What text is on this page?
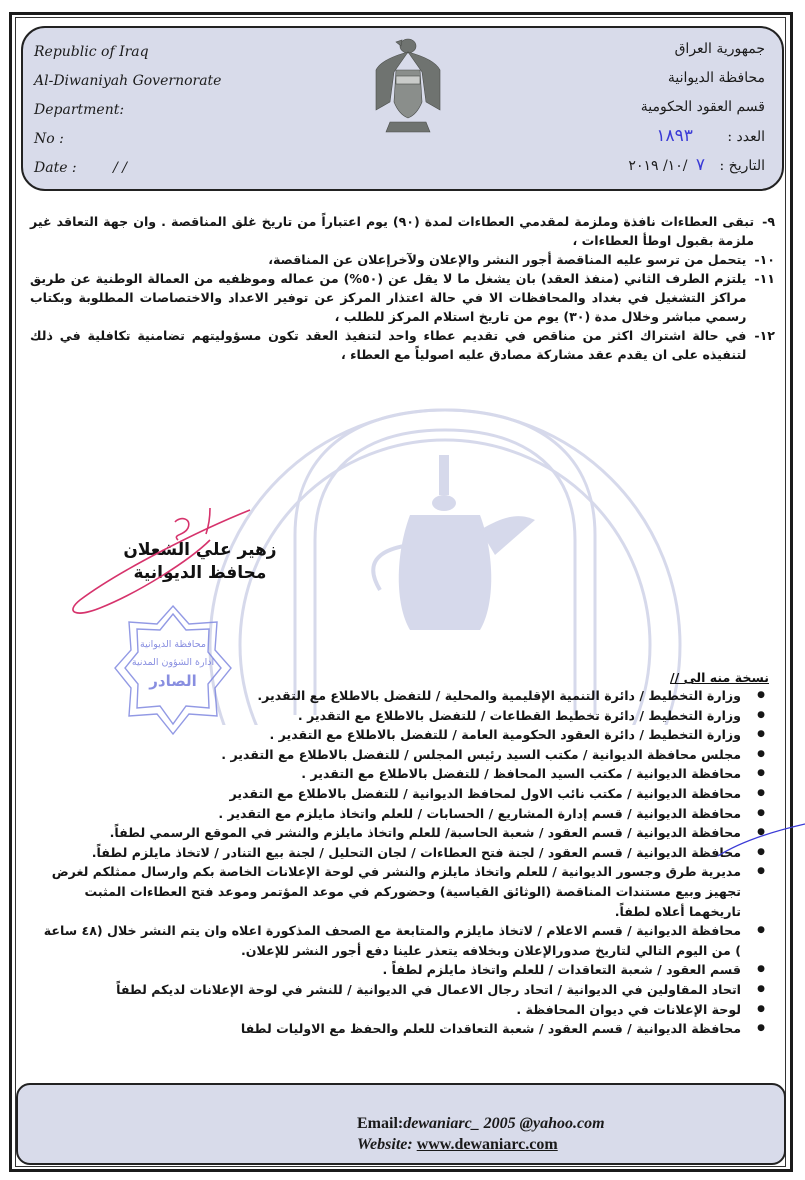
Republic of Iraq
Al-Diwaniyah Governorate
Department:
No :
Date :	/ /
جمهورية العراق
محافظة الديوانية
قسم العقود الحكومية
العدد : ١٨٩٣
التاريخ : ٧ /١٠/ ٢٠١٩
٩-
تبقى العطاءات نافذة وملزمة لمقدمي العطاءات لمدة (٩٠) يوم اعتباراً من تاريخ غلق المناقصة . وان جهة التعاقد غير ملزمة بقبول اوطأ العطاءات ،
١٠-
يتحمل من ترسو عليه المناقصة أجور النشر والإعلان ولآخرإعلان عن المناقصة،
١١-
يلتزم الطرف الثاني (منفذ العقد) بان يشغل ما لا يقل عن (٥٠%) من عماله وموظفيه من العمالة الوطنية عن طريق مراكز التشغيل في بغداد والمحافظات الا في حالة اعتذار المركز عن توفير الاعداد والاختصاصات المطلوبة وبكتاب رسمي مباشر وخلال مدة (٣٠) يوم من تاريخ استلام المركز للطلب ،
١٢-
في حالة اشتراك اكثر من مناقص في تقديم عطاء واحد لتنفيذ العقد تكون مسؤوليتهم تضامنية تكافلية في ذلك لتنفيذه على ان يقدم عقد مشاركة مصادق عليه اصولياً مع العطاء ،
زهير علي الشعلان
محافظ الديوانية
محافظة الديوانية
ادارة الشؤون المدنية
الصادر	نسخة منه الى //
● وزارة التخطيط / دائرة التنمية الإقليمية والمحلية / للتفضل بالاطلاع مع التقدير.
● وزارة التخطيط / دائرة تخطيط القطاعات / للتفضل بالاطلاع مع التقدير .
● وزارة التخطيط / دائرة العقود الحكومية العامة / للتفضل بالاطلاع مع التقدير .
● مجلس محافظة الديوانية / مكتب السيد رئيس المجلس / للتفضل بالاطلاع مع التقدير .
● محافظة الديوانية / مكتب السيد المحافظ / للتفضل بالاطلاع مع التقدير .
● محافظة الديوانية / مكتب نائب الاول لمحافظ الديوانية / للتفضل بالاطلاع مع التقدير
● محافظة الديوانية / قسم إدارة المشاريع / الحسابات / للعلم واتخاذ مايلزم مع التقدير .
● محافظة الديوانية / قسم العقود / شعبة الحاسبة/ للعلم واتخاذ مايلزم والنشر في الموقع الرسمي لطفاً.
● محافظة الديوانية / قسم العقود / لجنة فتح العطاءات / لجان التحليل / لجنة بيع التنادر / لاتخاذ مايلزم لطفاً.
● مديرية طرق وجسور الديوانية / للعلم واتخاذ مايلزم والنشر في لوحة الإعلانات الخاصة بكم وارسال ممثلكم لغرض تجهيز وبيع مستندات المناقصة (الوثائق القياسية) وحضوركم في موعد المؤتمر وموعد فتح العطاءات المثبت تاريخهما أعلاه لطفاً.
● محافظة الديوانية / قسم الاعلام / لاتخاذ مايلزم والمتابعة مع الصحف المذكورة اعلاه وان يتم النشر خلال (٤٨ ساعة ) من اليوم التالي لتاريخ صدورالإعلان وبخلافه يتعذر علينا دفع أجور النشر للإعلان.
● قسم العقود / شعبة التعاقدات / للعلم واتخاذ مايلزم لطفاً .
● اتحاد المقاولين في الديوانية / اتحاد رجال الاعمال في الديوانية / للنشر في لوحة الإعلانات لديكم لطفاً
● لوحة الإعلانات في ديوان المحافظة .
● محافظة الديوانية / قسم العقود / شعبة التعاقدات للعلم والحفظ مع الاوليات لطفا
Email:dewaniarc_ 2005 @yahoo.com
Website: www.dewaniarc.com
